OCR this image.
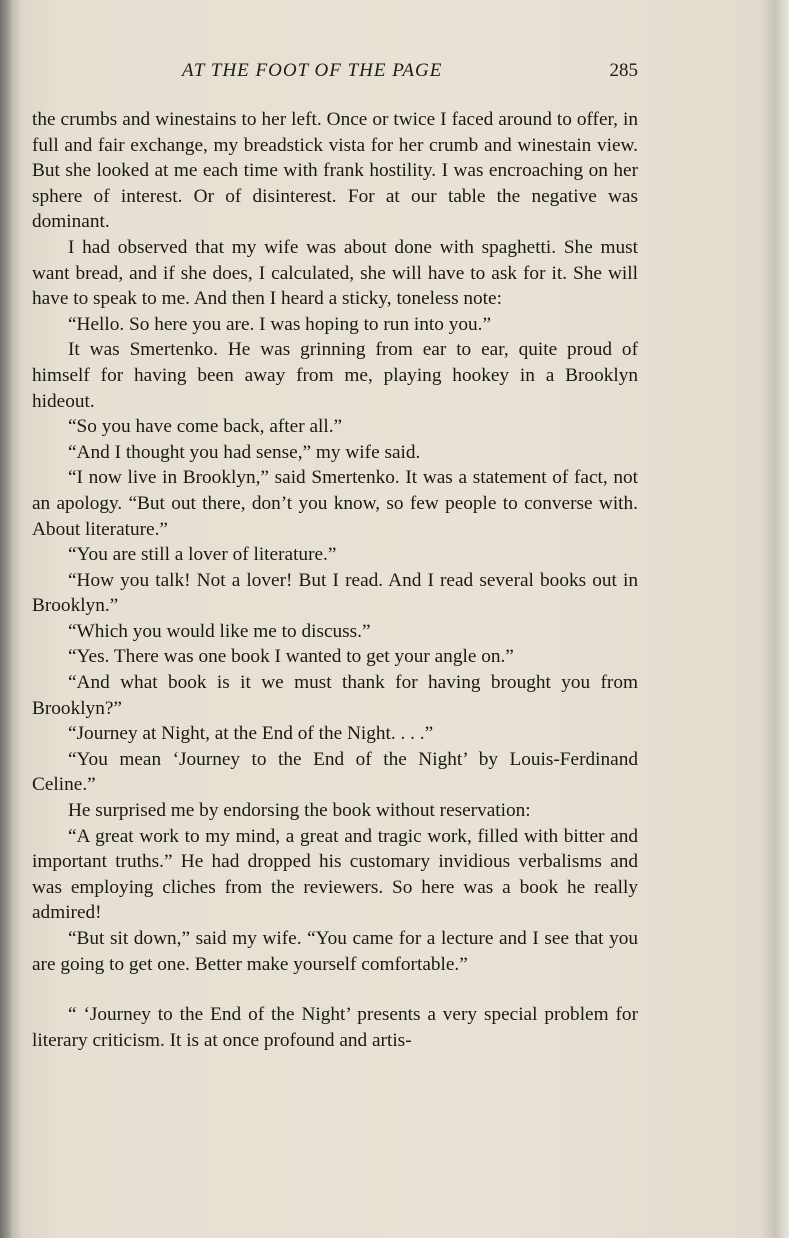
AT THE FOOT OF THE PAGE	285

the crumbs and winestains to her left. Once or twice I faced around to offer, in full and fair exchange, my breadstick vista for her crumb and winestain view. But she looked at me each time with frank hostility. I was encroaching on her sphere of interest. Or of disinterest. For at our table the negative was dominant.

I had observed that my wife was about done with spaghetti. She must want bread, and if she does, I calculated, she will have to ask for it. She will have to speak to me. And then I heard a sticky, toneless note:

“Hello. So here you are. I was hoping to run into you.”

It was Smertenko. He was grinning from ear to ear, quite proud of himself for having been away from me, playing hookey in a Brooklyn hideout.

“So you have come back, after all.”

“And I thought you had sense,” my wife said.

“I now live in Brooklyn,” said Smertenko. It was a statement of fact, not an apology. “But out there, don’t you know, so few people to converse with. About literature.”

“You are still a lover of literature.”

“How you talk! Not a lover! But I read. And I read several books out in Brooklyn.”

“Which you would like me to discuss.”

“Yes. There was one book I wanted to get your angle on.”

“And what book is it we must thank for having brought you from Brooklyn?”

“Journey at Night, at the End of the Night. . . .”

“You mean ‘Journey to the End of the Night’ by Louis-Ferdinand Celine.”

He surprised me by endorsing the book without reservation:

“A great work to my mind, a great and tragic work, filled with bitter and important truths.” He had dropped his customary invidious verbalisms and was employing cliches from the reviewers. So here was a book he really admired!

“But sit down,” said my wife. “You came for a lecture and I see that you are going to get one. Better make yourself comfortable.”

“ ‘Journey to the End of the Night’ presents a very special problem for literary criticism. It is at once profound and artis-
